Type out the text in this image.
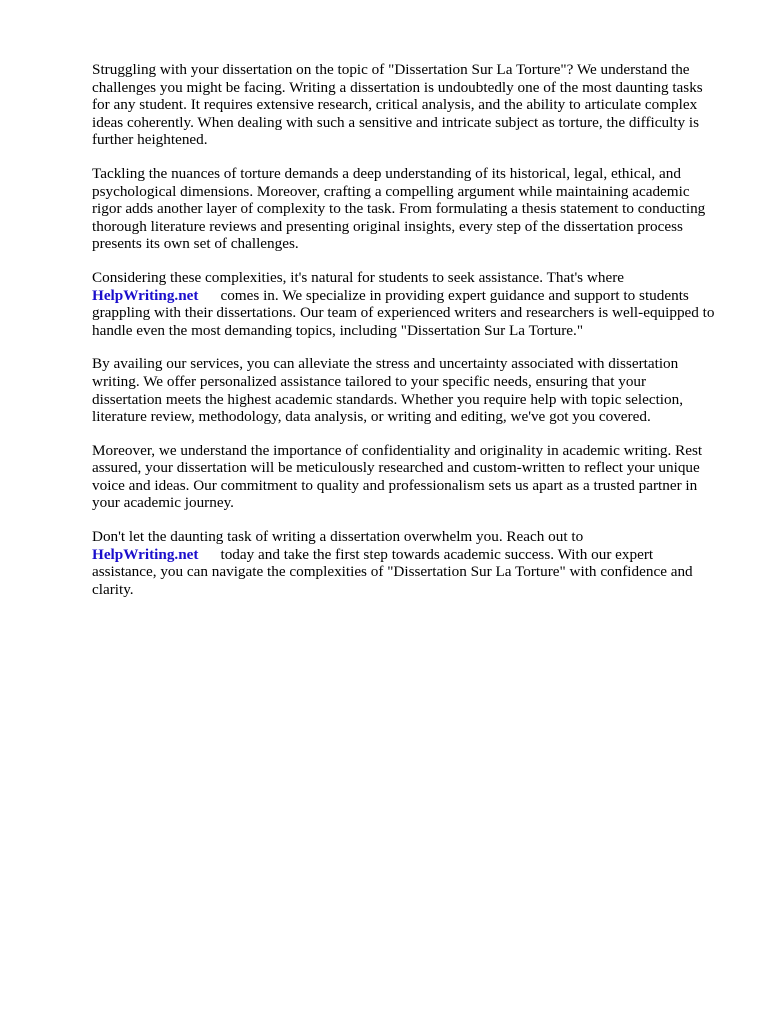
Struggling with your dissertation on the topic of "Dissertation Sur La Torture"? We understand the challenges you might be facing. Writing a dissertation is undoubtedly one of the most daunting tasks for any student. It requires extensive research, critical analysis, and the ability to articulate complex ideas coherently. When dealing with such a sensitive and intricate subject as torture, the difficulty is further heightened.

Tackling the nuances of torture demands a deep understanding of its historical, legal, ethical, and psychological dimensions. Moreover, crafting a compelling argument while maintaining academic rigor adds another layer of complexity to the task. From formulating a thesis statement to conducting thorough literature reviews and presenting original insights, every step of the dissertation process presents its own set of challenges.

Considering these complexities, it's natural for students to seek assistance. That's where
HelpWriting.net comes in. We specialize in providing expert guidance and support to students grappling with their dissertations. Our team of experienced writers and researchers is well-equipped to handle even the most demanding topics, including "Dissertation Sur La Torture."

By availing our services, you can alleviate the stress and uncertainty associated with dissertation writing. We offer personalized assistance tailored to your specific needs, ensuring that your dissertation meets the highest academic standards. Whether you require help with topic selection, literature review, methodology, data analysis, or writing and editing, we've got you covered.

Moreover, we understand the importance of confidentiality and originality in academic writing. Rest assured, your dissertation will be meticulously researched and custom-written to reflect your unique voice and ideas. Our commitment to quality and professionalism sets us apart as a trusted partner in your academic journey.

Don't let the daunting task of writing a dissertation overwhelm you. Reach out to
HelpWriting.net today and take the first step towards academic success. With our expert assistance, you can navigate the complexities of "Dissertation Sur La Torture" with confidence and clarity.
